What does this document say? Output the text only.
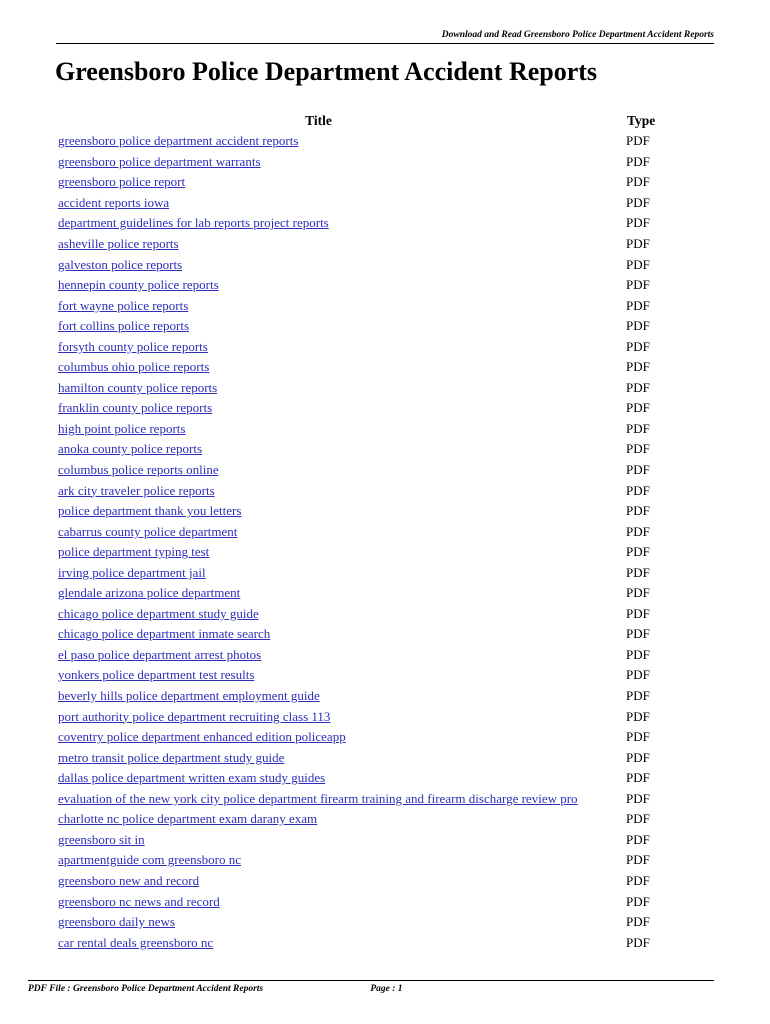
Download and Read Greensboro Police Department Accident Reports
Greensboro Police Department Accident Reports
Title	Type
greensboro police department accident reports	PDF
greensboro police department warrants	PDF
greensboro police report	PDF
accident reports iowa	PDF
department guidelines for lab reports project reports	PDF
asheville police reports	PDF
galveston police reports	PDF
hennepin county police reports	PDF
fort wayne police reports	PDF
fort collins police reports	PDF
forsyth county police reports	PDF
columbus ohio police reports	PDF
hamilton county police reports	PDF
franklin county police reports	PDF
high point police reports	PDF
anoka county police reports	PDF
columbus police reports online	PDF
ark city traveler police reports	PDF
police department thank you letters	PDF
cabarrus county police department	PDF
police department typing test	PDF
irving police department jail	PDF
glendale arizona police department	PDF
chicago police department study guide	PDF
chicago police department inmate search	PDF
el paso police department arrest photos	PDF
yonkers police department test results	PDF
beverly hills police department employment guide	PDF
port authority police department recruiting class 113	PDF
coventry police department enhanced edition policeapp	PDF
metro transit police department study guide	PDF
dallas police department written exam study guides	PDF
evaluation of the new york city police department firearm training and firearm discharge review pro	PDF
charlotte nc police department exam darany exam	PDF
greensboro sit in	PDF
apartmentguide com greensboro nc	PDF
greensboro new and record	PDF
greensboro nc news and record	PDF
greensboro daily news	PDF
car rental deals greensboro nc	PDF
PDF File : Greensboro Police Department Accident Reports	Page : 1
